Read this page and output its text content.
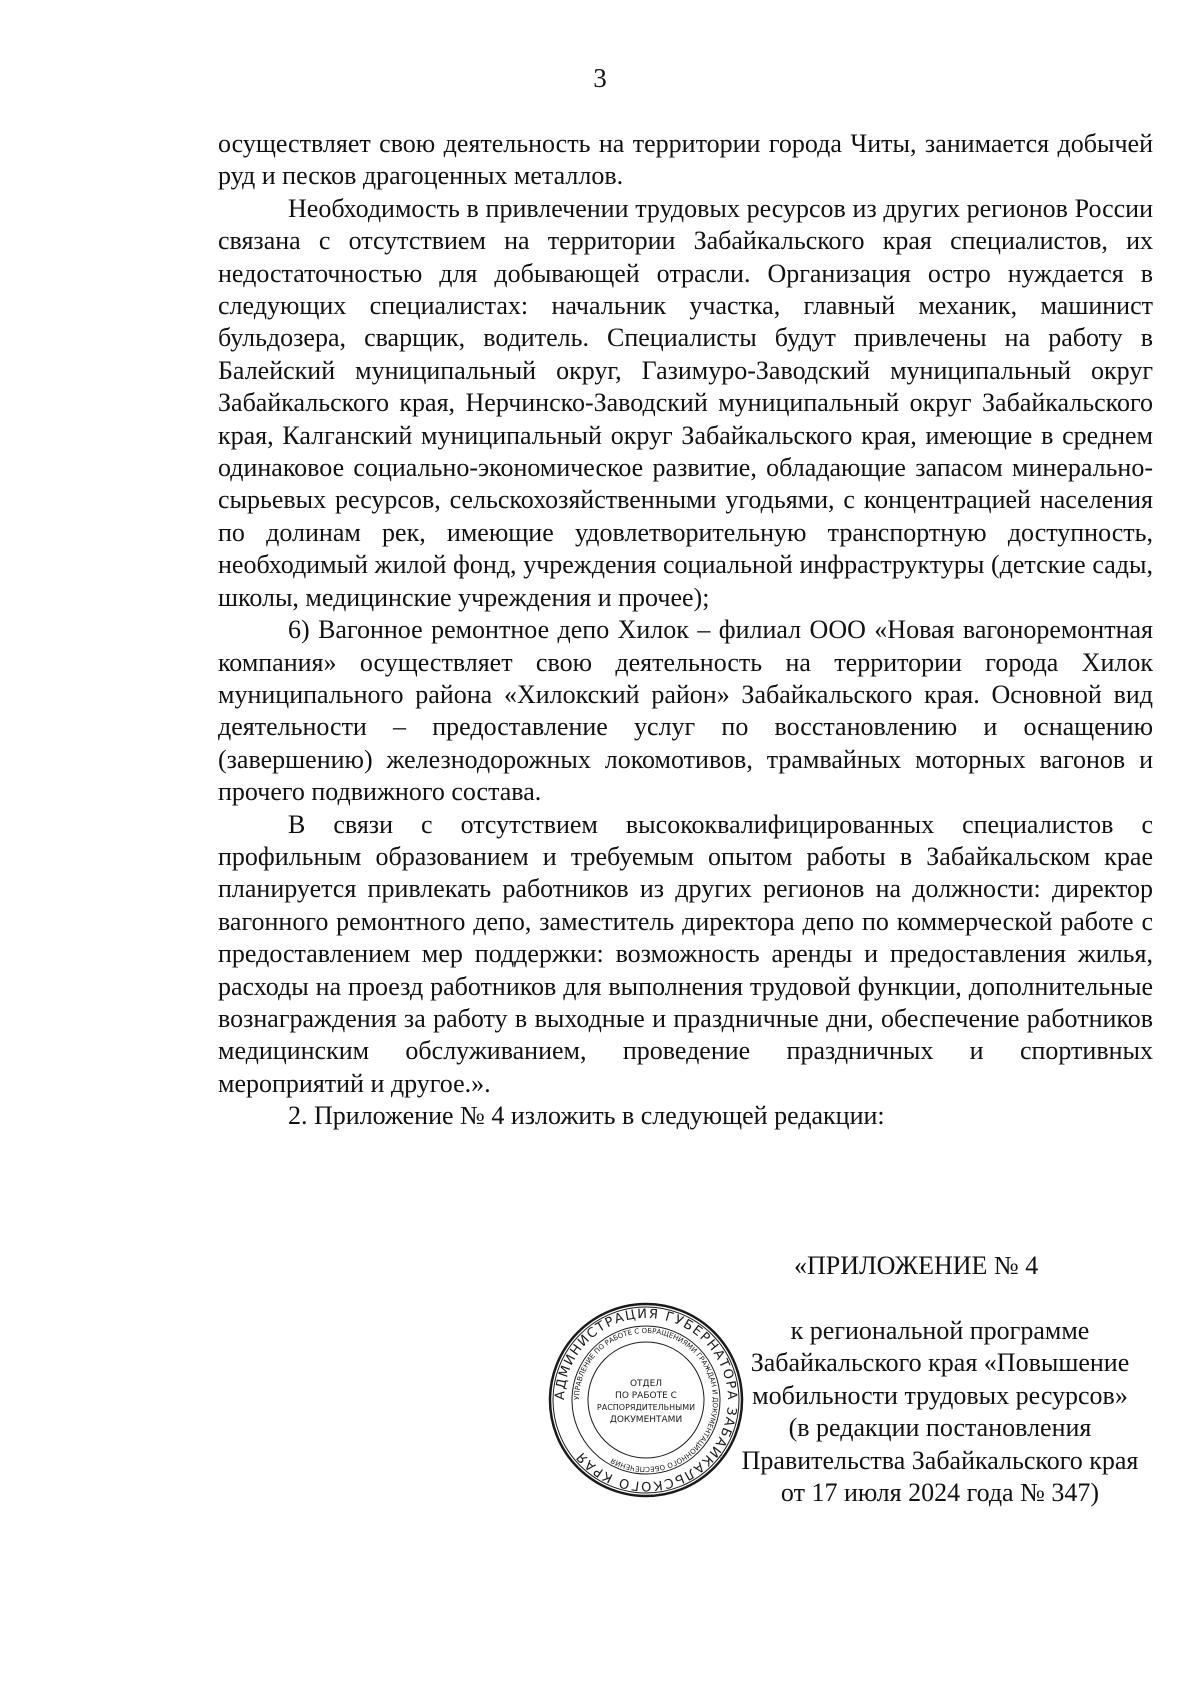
3

осуществляет свою деятельность на территории города Читы, занимается добычей руд и песков драгоценных металлов.

Необходимость в привлечении трудовых ресурсов из других регионов России связана с отсутствием на территории Забайкальского края специалистов, их недостаточностью для добывающей отрасли. Организация остро нуждается в следующих специалистах: начальник участка, главный механик, машинист бульдозера, сварщик, водитель. Специалисты будут привлечены на работу в Балейский муниципальный округ, Газимуро-Заводский муниципальный округ Забайкальского края, Нерчинско-Заводский муниципальный округ Забайкальского края, Калганский муниципальный округ Забайкальского края, имеющие в среднем одинаковое социально-экономическое развитие, обладающие запасом минерально-сырьевых ресурсов, сельскохозяйственными угодьями, с концентрацией населения по долинам рек, имеющие удовлетворительную транспортную доступность, необходимый жилой фонд, учреждения социальной инфраструктуры (детские сады, школы, медицинские учреждения и прочее);

6) Вагонное ремонтное депо Хилок – филиал ООО «Новая вагоноремонтная компания» осуществляет свою деятельность на территории города Хилок муниципального района «Хилокский район» Забайкальского края. Основной вид деятельности – предоставление услуг по восстановлению и оснащению (завершению) железнодорожных локомотивов, трамвайных моторных вагонов и прочего подвижного состава.

В связи с отсутствием высококвалифицированных специалистов с профильным образованием и требуемым опытом работы в Забайкальском крае планируется привлекать работников из других регионов на должности: директор вагонного ремонтного депо, заместитель директора депо по коммерческой работе с предоставлением мер поддержки: возможность аренды и предоставления жилья, расходы на проезд работников для выполнения трудовой функции, дополнительные вознаграждения за работу в выходные и праздничные дни, обеспечение работников медицинским обслуживанием, проведение праздничных и спортивных мероприятий и другое.».

2. Приложение № 4 изложить в следующей редакции:

АДМИНИСТРАЦИЯ ГУБЕРНАТОРА ЗАБАЙКАЛЬСКОГО КРАЯ
УПРАВЛЕНИЕ ПО РАБОТЕ С ОБРАЩЕНИЯМИ ГРАЖДАН И ДОКУМЕНТАЦИОННОГО ОБЕСПЕЧЕНИЯ
ОТДЕЛ
ПО РАБОТЕ С
РАСПОРЯДИТЕЛЬНЫМИ
ДОКУМЕНТАМИ
«ПРИЛОЖЕНИЕ № 4
к региональной программе
Забайкальского края «Повышение
мобильности трудовых ресурсов»
(в редакции постановления
Правительства Забайкальского края
от 17 июля 2024 года № 347)
